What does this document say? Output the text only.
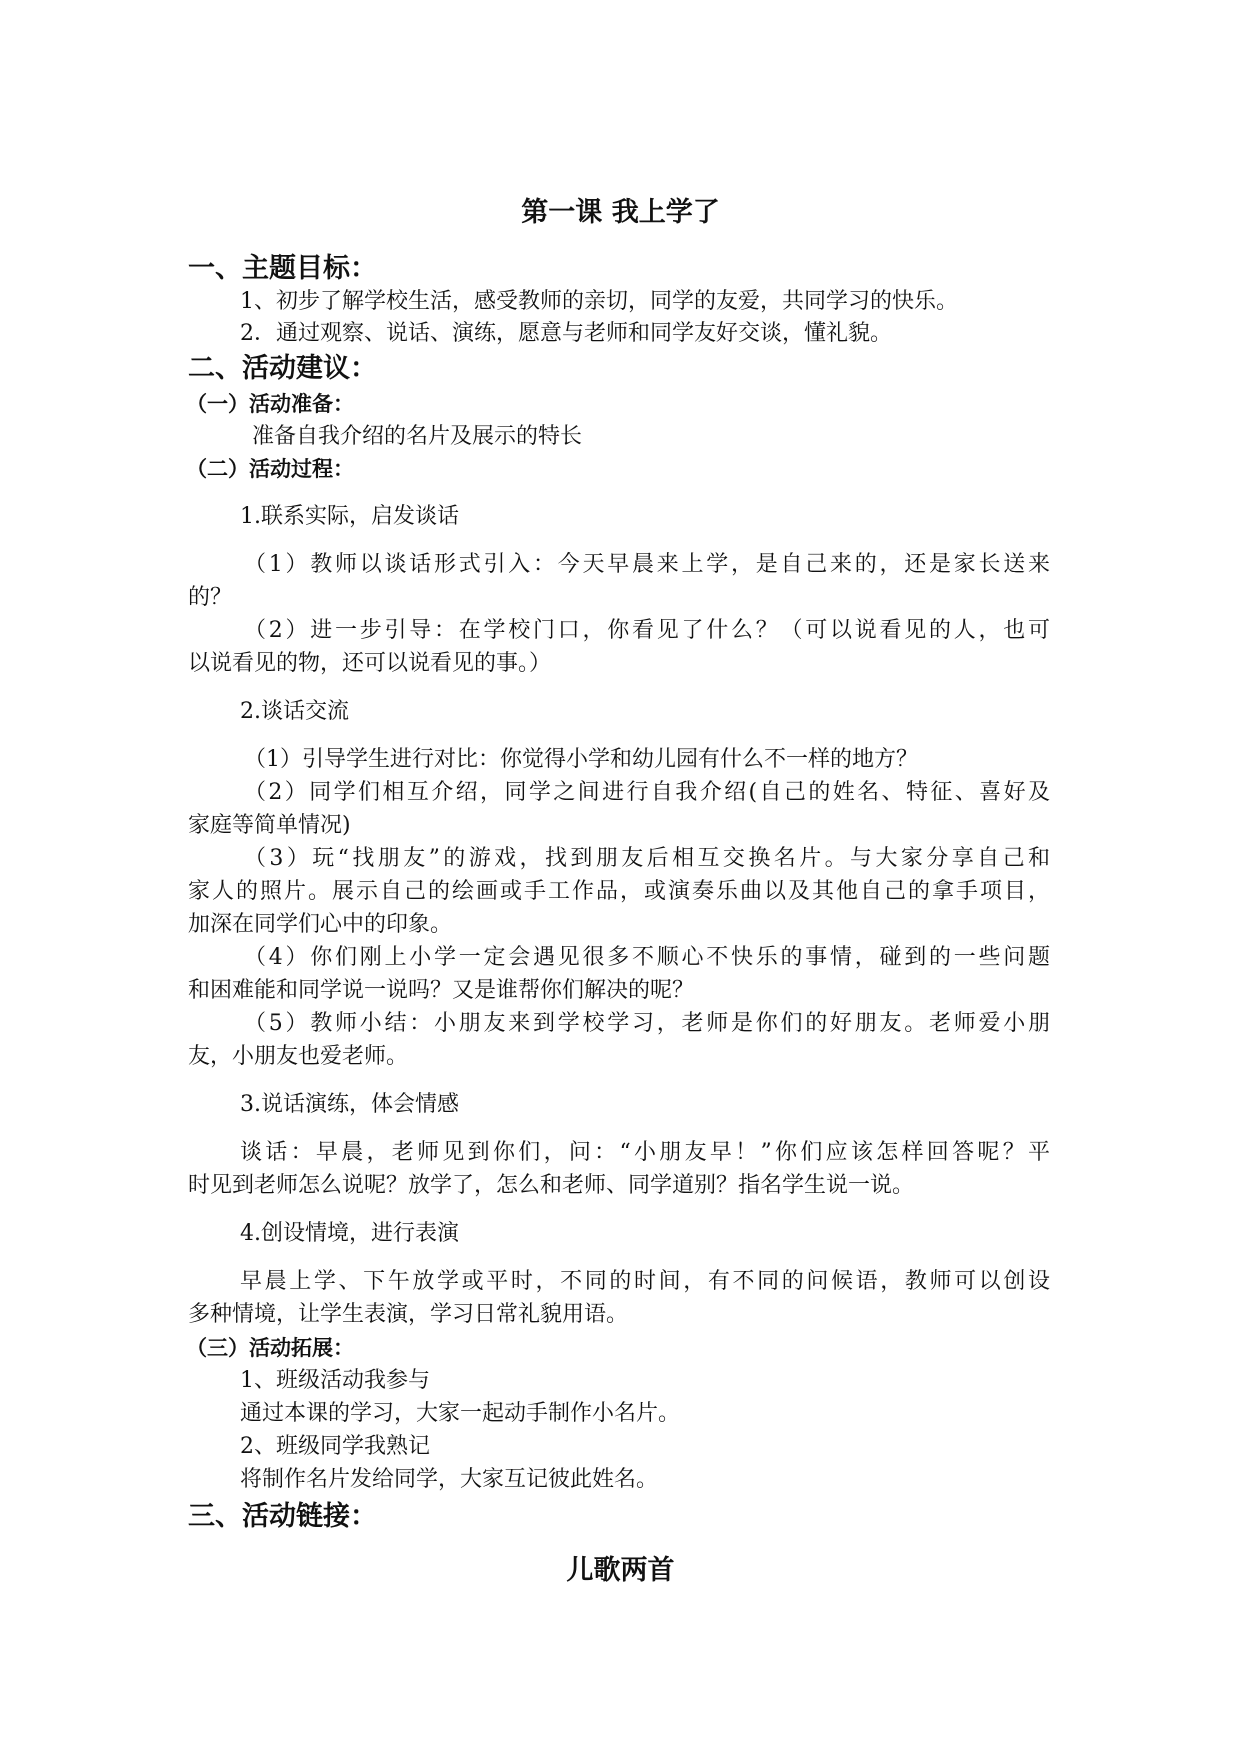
第一课 我上学了
一、主题目标：
1、初步了解学校生活，感受教师的亲切，同学的友爱，共同学习的快乐。
2．通过观察、说话、演练，愿意与老师和同学友好交谈，懂礼貌。
二、活动建议：
（一）活动准备：
准备自我介绍的名片及展示的特长
（二）活动过程：
1.联系实际，启发谈话
（1）教师以谈话形式引入：今天早晨来上学，是自己来的，还是家长送来
的？
（2）进一步引导：在学校门口，你看见了什么？（可以说看见的人，也可
以说看见的物，还可以说看见的事。）
2.谈话交流
（1）引导学生进行对比：你觉得小学和幼儿园有什么不一样的地方？
（2）同学们相互介绍，同学之间进行自我介绍(自己的姓名、特征、喜好及
家庭等简单情况)
（3）玩“找朋友”的游戏，找到朋友后相互交换名片。与大家分享自己和
家人的照片。展示自己的绘画或手工作品，或演奏乐曲以及其他自己的拿手项目，
加深在同学们心中的印象。
（4）你们刚上小学一定会遇见很多不顺心不快乐的事情，碰到的一些问题
和困难能和同学说一说吗？又是谁帮你们解决的呢？
（5）教师小结：小朋友来到学校学习，老师是你们的好朋友。老师爱小朋
友，小朋友也爱老师。
3.说话演练，体会情感
谈话：早晨，老师见到你们，问：“小朋友早！”你们应该怎样回答呢？平
时见到老师怎么说呢？放学了，怎么和老师、同学道别？指名学生说一说。
4.创设情境，进行表演
早晨上学、下午放学或平时，不同的时间，有不同的问候语，教师可以创设
多种情境，让学生表演，学习日常礼貌用语。
（三）活动拓展：
1、班级活动我参与
通过本课的学习，大家一起动手制作小名片。
2、班级同学我熟记
将制作名片发给同学，大家互记彼此姓名。
三、活动链接：
儿歌两首
